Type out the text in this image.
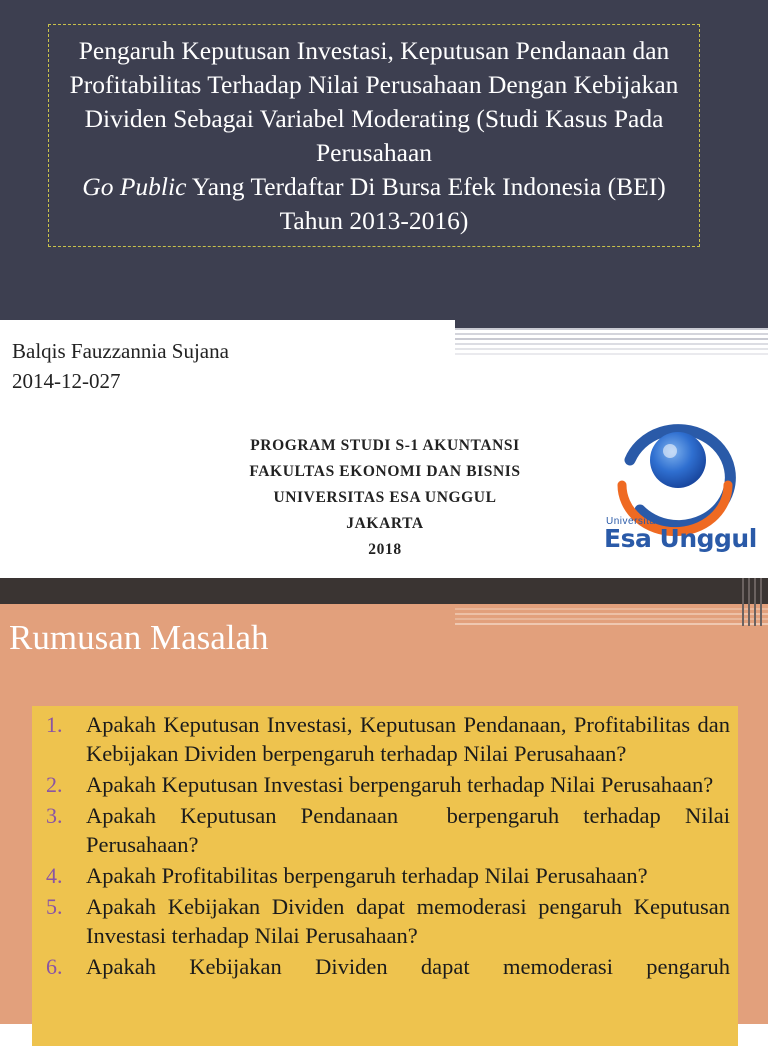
Pengaruh Keputusan Investasi, Keputusan Pendanaan dan Profitabilitas Terhadap Nilai Perusahaan Dengan Kebijakan Dividen Sebagai Variabel Moderating (Studi Kasus Pada Perusahaan
Go Public Yang Terdaftar Di Bursa Efek Indonesia (BEI) Tahun 2013-2016)
Balqis Fauzzannia Sujana
2014-12-027
PROGRAM STUDI S-1 AKUNTANSI
FAKULTAS EKONOMI DAN BISNIS
UNIVERSITAS ESA UNGGUL
JAKARTA
2018
Universitas
Esa Unggul
Rumusan Masalah
1. Apakah Keputusan Investasi, Keputusan Pendanaan, Profitabilitas dan Kebijakan Dividen berpengaruh terhadap Nilai Perusahaan?
2. Apakah Keputusan Investasi berpengaruh terhadap Nilai Perusahaan?
3. Apakah Keputusan Pendanaan  berpengaruh terhadap Nilai Perusahaan?
4. Apakah Profitabilitas berpengaruh terhadap Nilai Perusahaan?
5. Apakah Kebijakan Dividen dapat memoderasi pengaruh Keputusan Investasi terhadap Nilai Perusahaan?
6. Apakah Kebijakan Dividen dapat memoderasi pengaruh
